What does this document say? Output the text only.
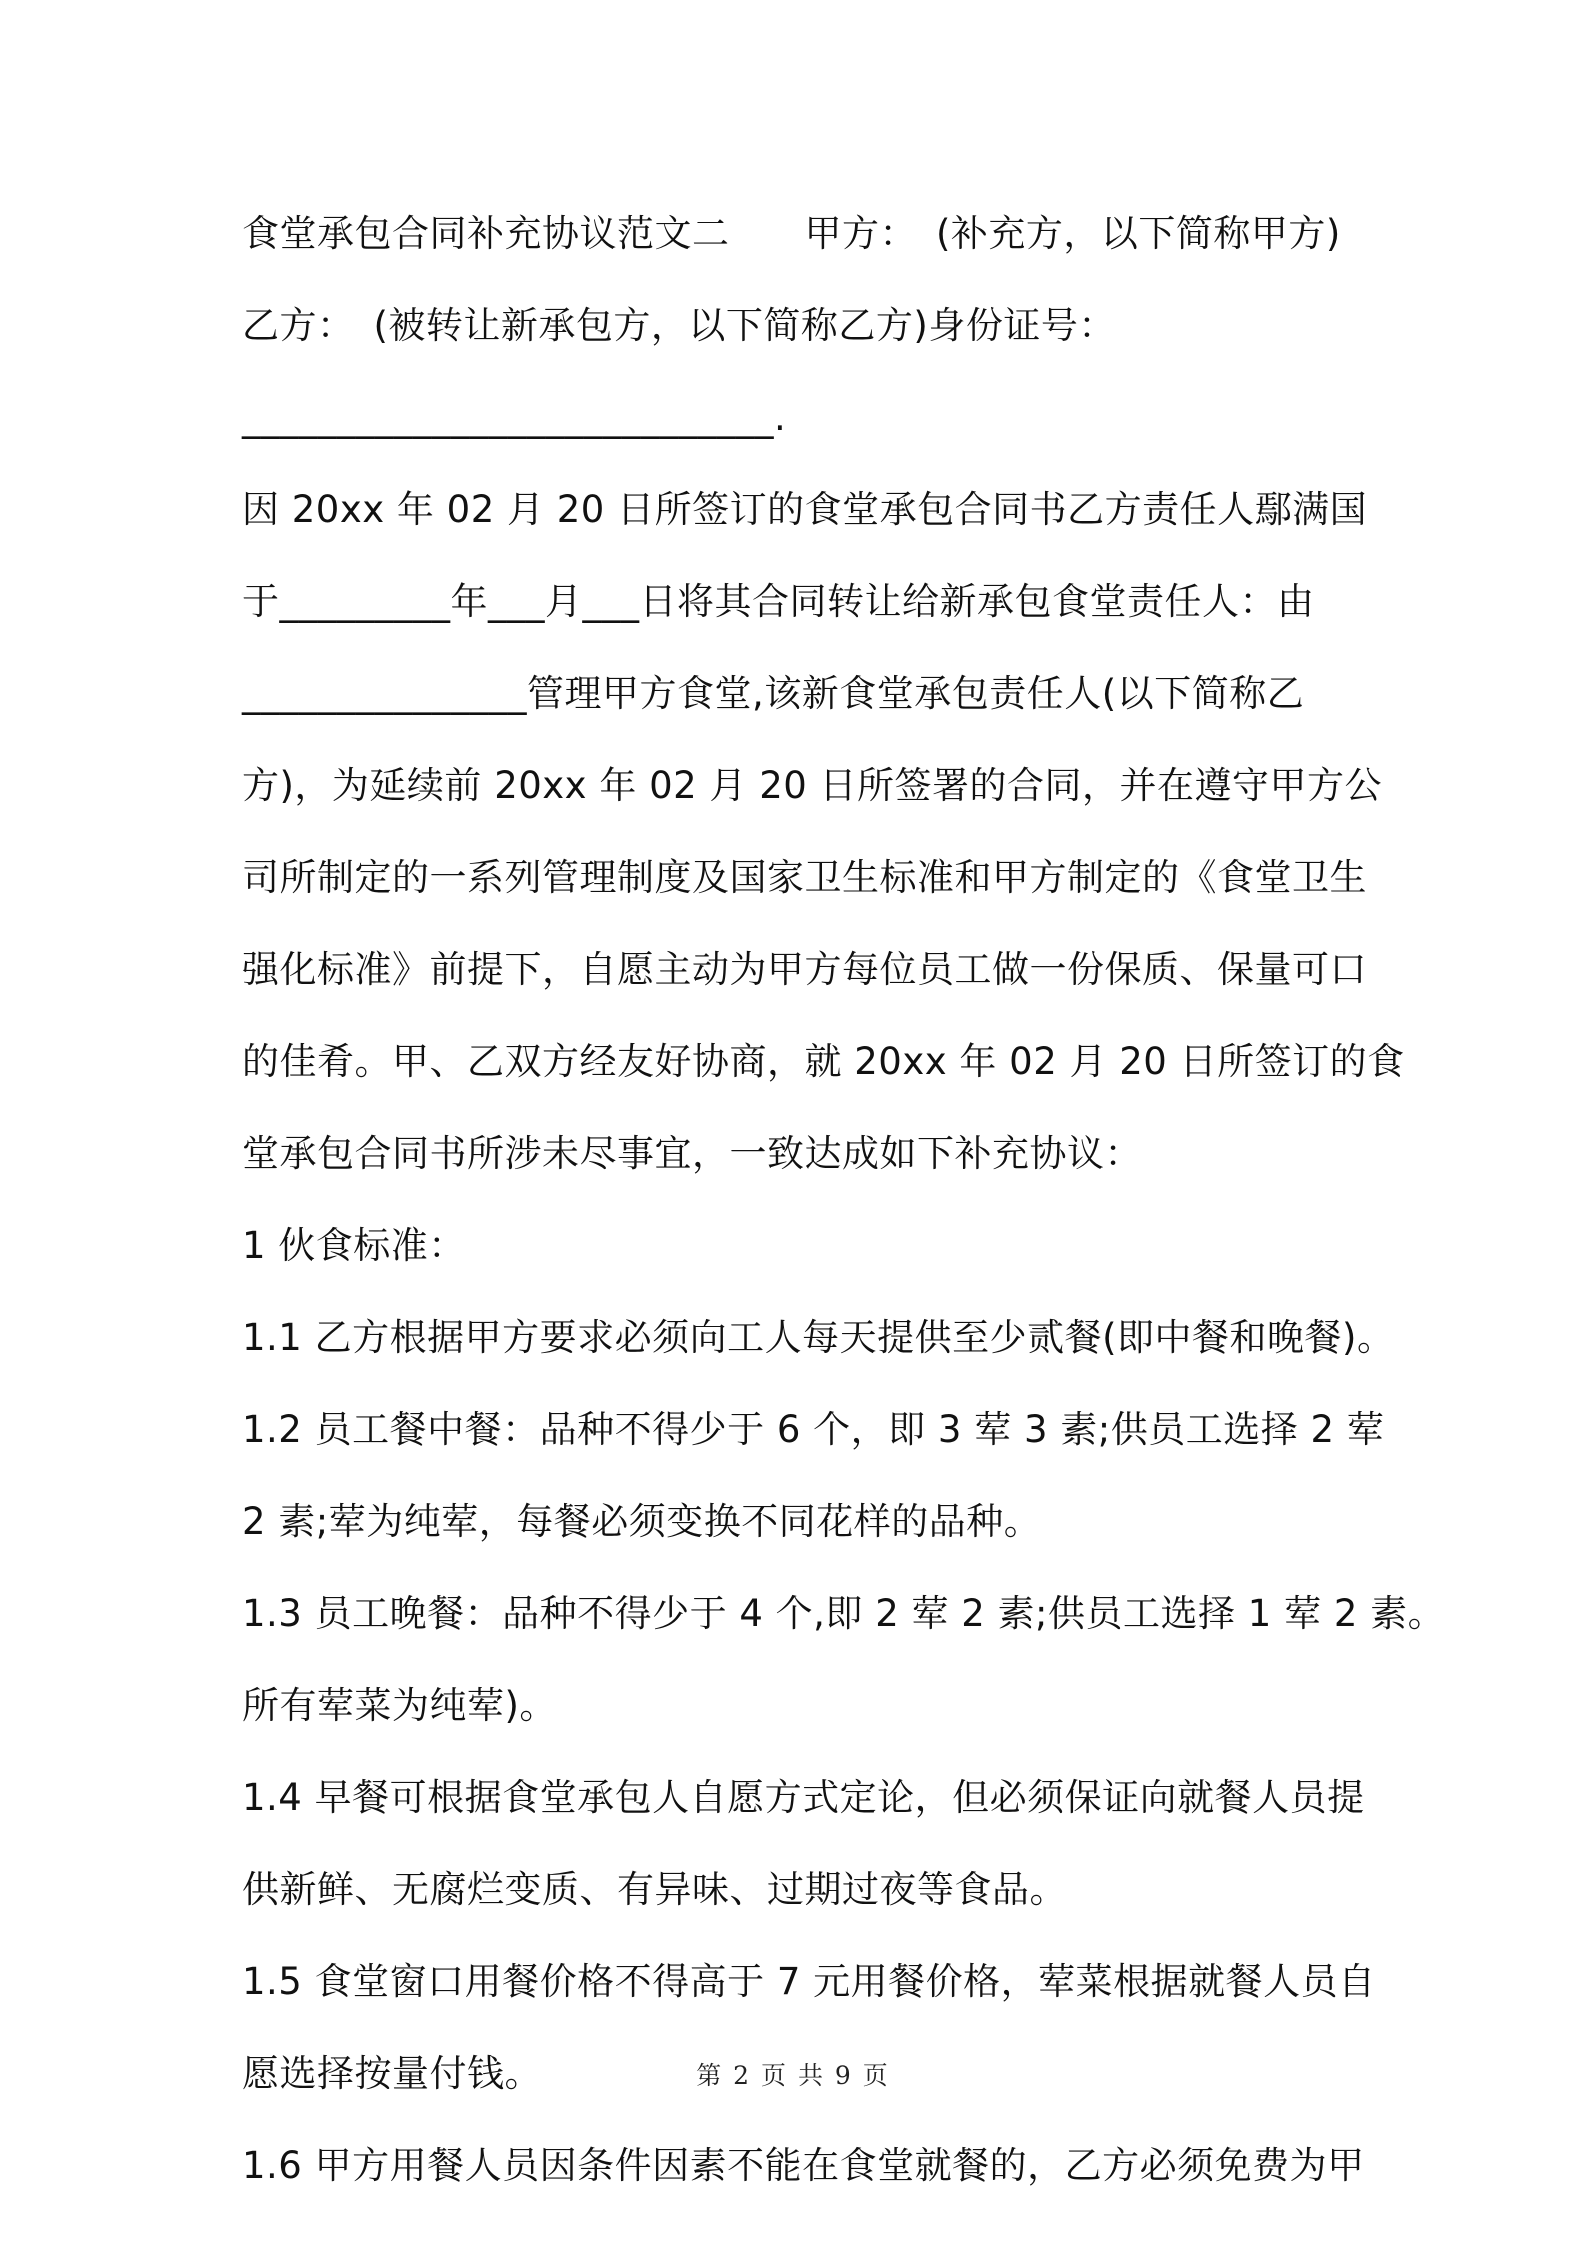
食堂承包合同补充协议范文二　　甲方：　(补充方，以下简称甲方)
乙方：　(被转让新承包方，以下简称乙方)身份证号：
____________________________.
因 20xx 年 02 月 20 日所签订的食堂承包合同书乙方责任人鄢满国
于_________年___月___日将其合同转让给新承包食堂责任人：由
_______________管理甲方食堂,该新食堂承包责任人(以下简称乙
方)，为延续前 20xx 年 02 月 20 日所签署的合同，并在遵守甲方公
司所制定的一系列管理制度及国家卫生标准和甲方制定的《食堂卫生
强化标准》前提下，自愿主动为甲方每位员工做一份保质、保量可口
的佳肴。甲、乙双方经友好协商，就 20xx 年 02 月 20 日所签订的食
堂承包合同书所涉未尽事宜，一致达成如下补充协议：
1 伙食标准：
1.1 乙方根据甲方要求必须向工人每天提供至少贰餐(即中餐和晚餐)。
1.2 员工餐中餐：品种不得少于 6 个，即 3 荤 3 素;供员工选择 2 荤
2 素;荤为纯荤，每餐必须变换不同花样的品种。
1.3 员工晚餐：品种不得少于 4 个,即 2 荤 2 素;供员工选择 1 荤 2 素。
所有荤菜为纯荤)。
1.4 早餐可根据食堂承包人自愿方式定论，但必须保证向就餐人员提
供新鲜、无腐烂变质、有异味、过期过夜等食品。
1.5 食堂窗口用餐价格不得高于 7 元用餐价格，荤菜根据就餐人员自
愿选择按量付钱。
1.6 甲方用餐人员因条件因素不能在食堂就餐的，乙方必须免费为甲
第 2 页 共 9 页
